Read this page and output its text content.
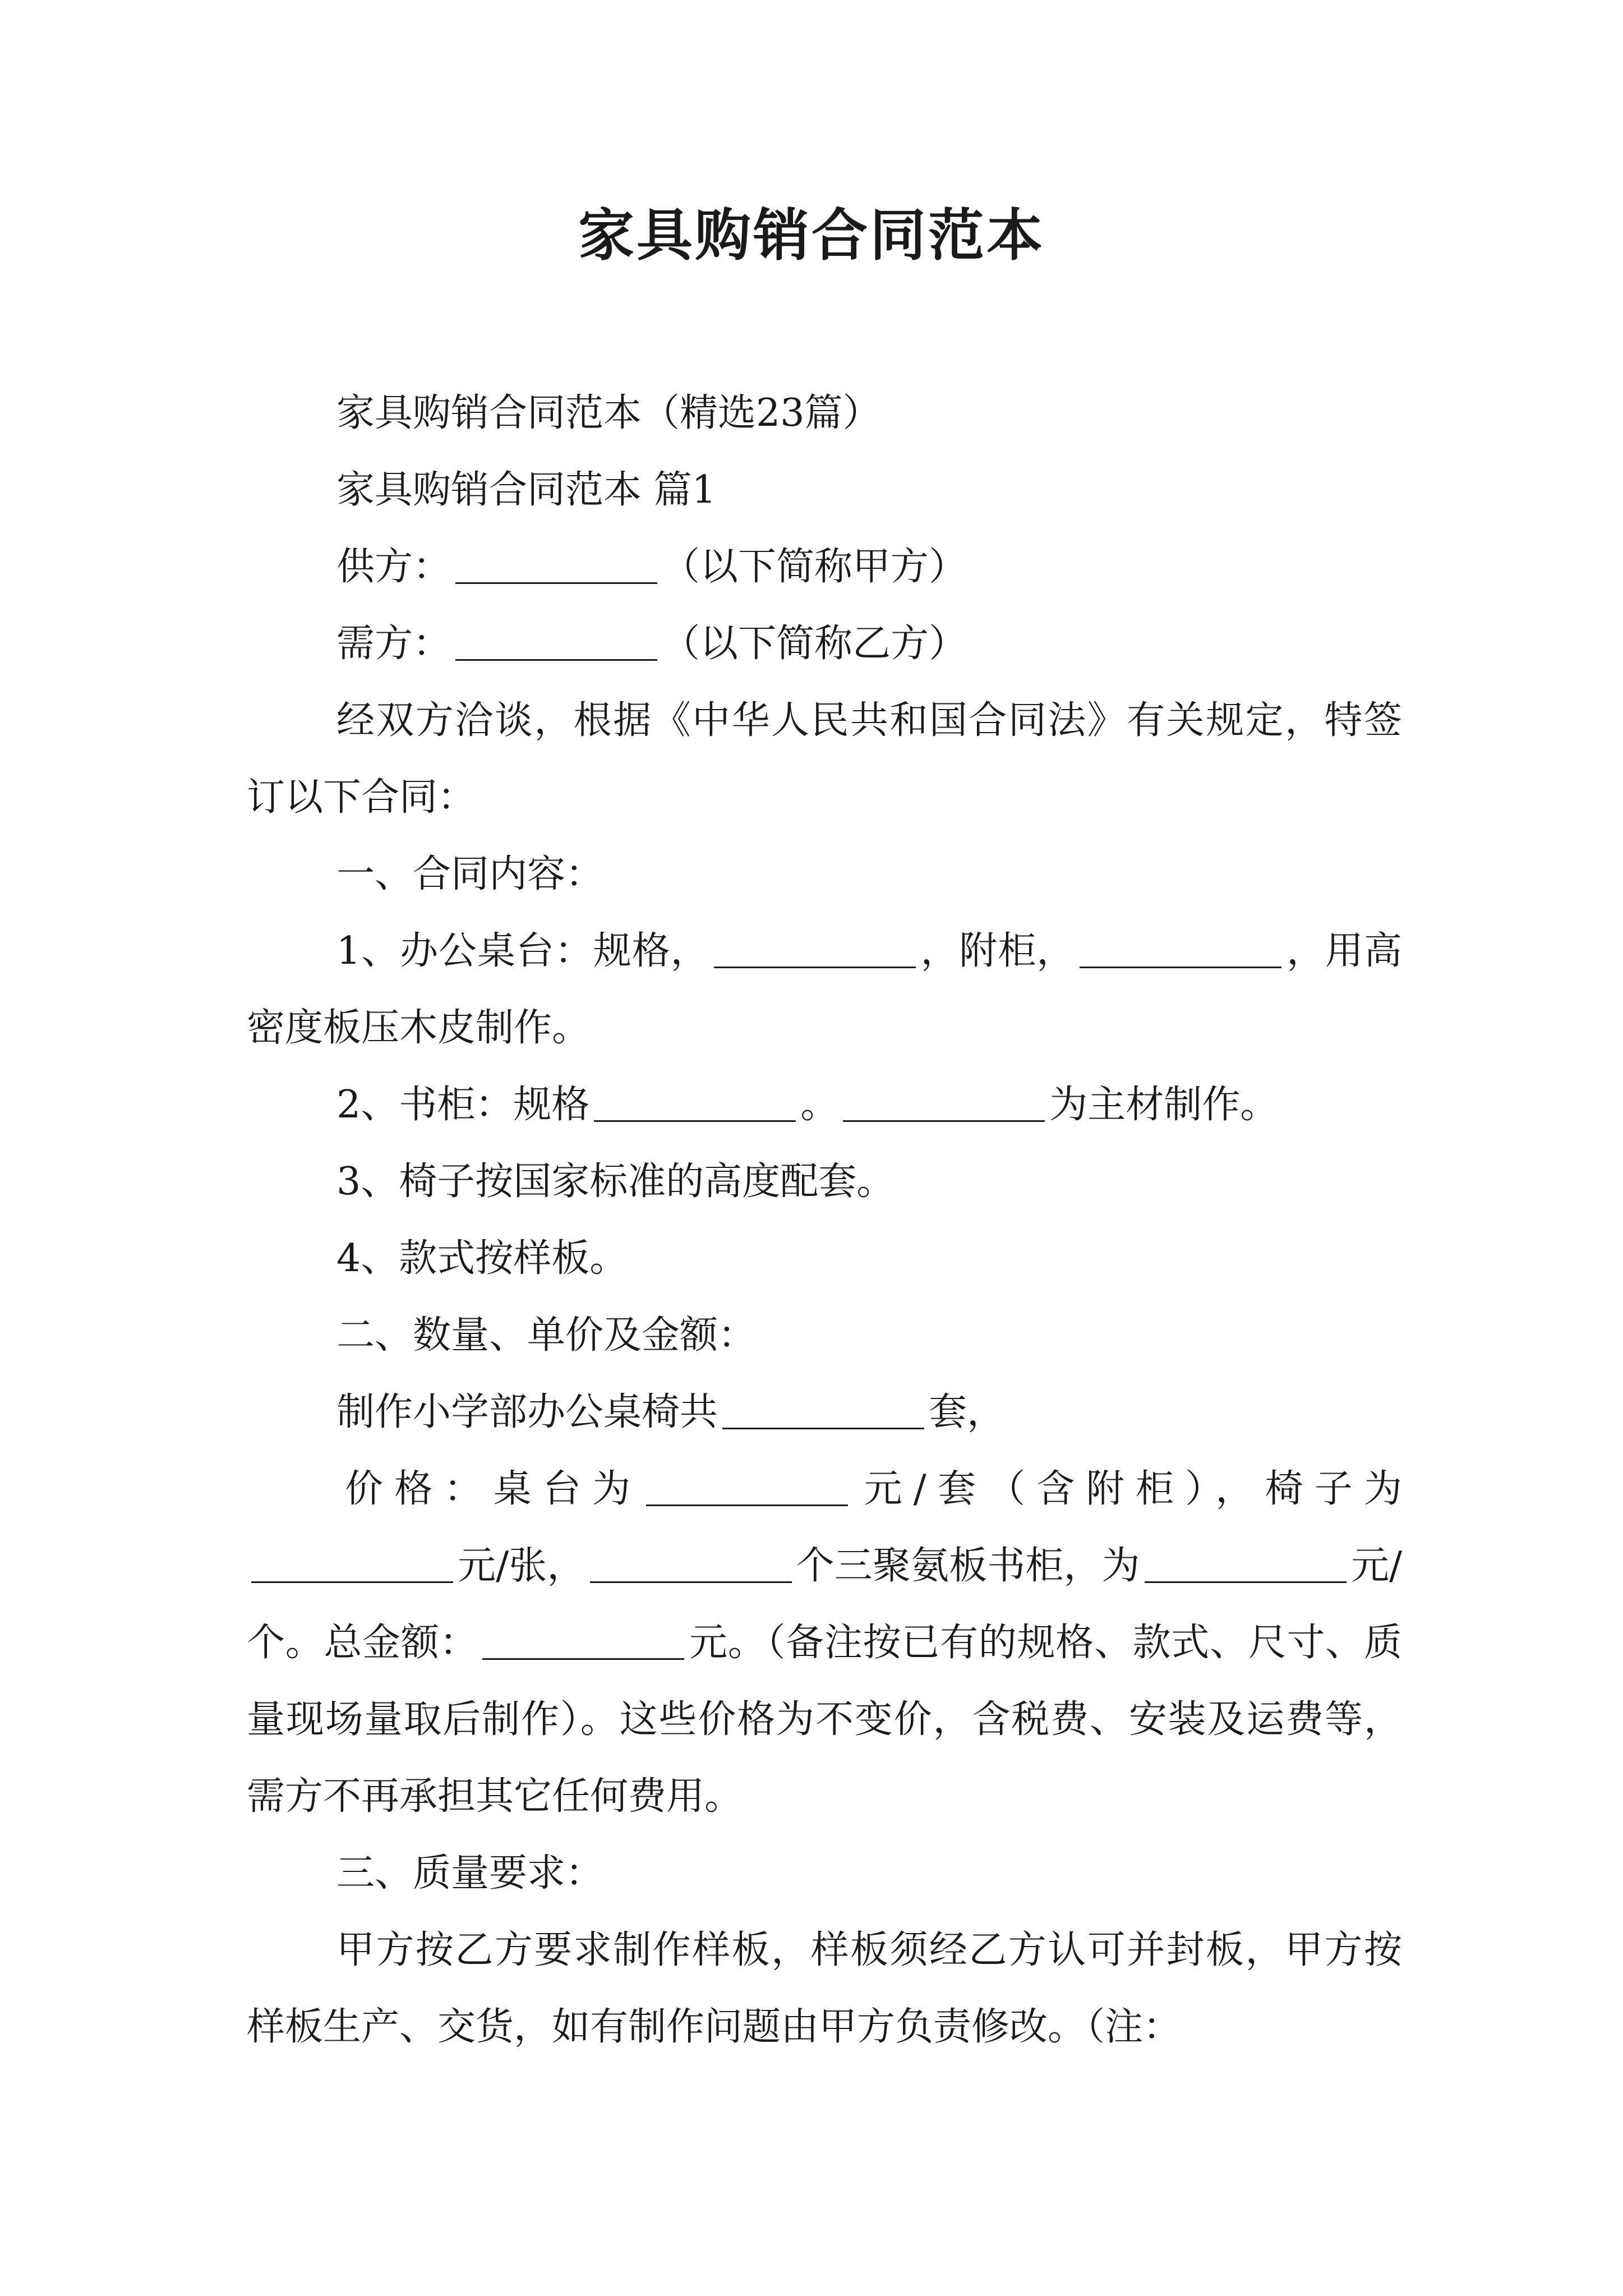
家具购销合同范本

家具购销合同范本（精选23篇）

家具购销合同范本 篇1

供方：	（以下简称甲方）

需方：	（以下简称乙方）

经双方洽谈，根据《中华人民共和国合同法》有关规定，特签订以下合同：

一、合同内容：

1、办公桌台：规格，	，附柜，	，用高密度板压木皮制作。

2、书柜：规格	。	为主材制作。

3、椅子按国家标准的高度配套。

4、款式按样板。

二、数量、单价及金额：

制作小学部办公桌椅共	套，

价格：桌台为	元/套（含附柜），椅子为元/张，	个三聚氨板书柜，为	元/个。总金额：	元。（备注按已有的规格、款式、尺寸、质量现场量取后制作）。这些价格为不变价，含税费、安装及运费等，需方不再承担其它任何费用。

三、质量要求：

甲方按乙方要求制作样板，样板须经乙方认可并封板，甲方按样板生产、交货，如有制作问题由甲方负责修改。（注：
